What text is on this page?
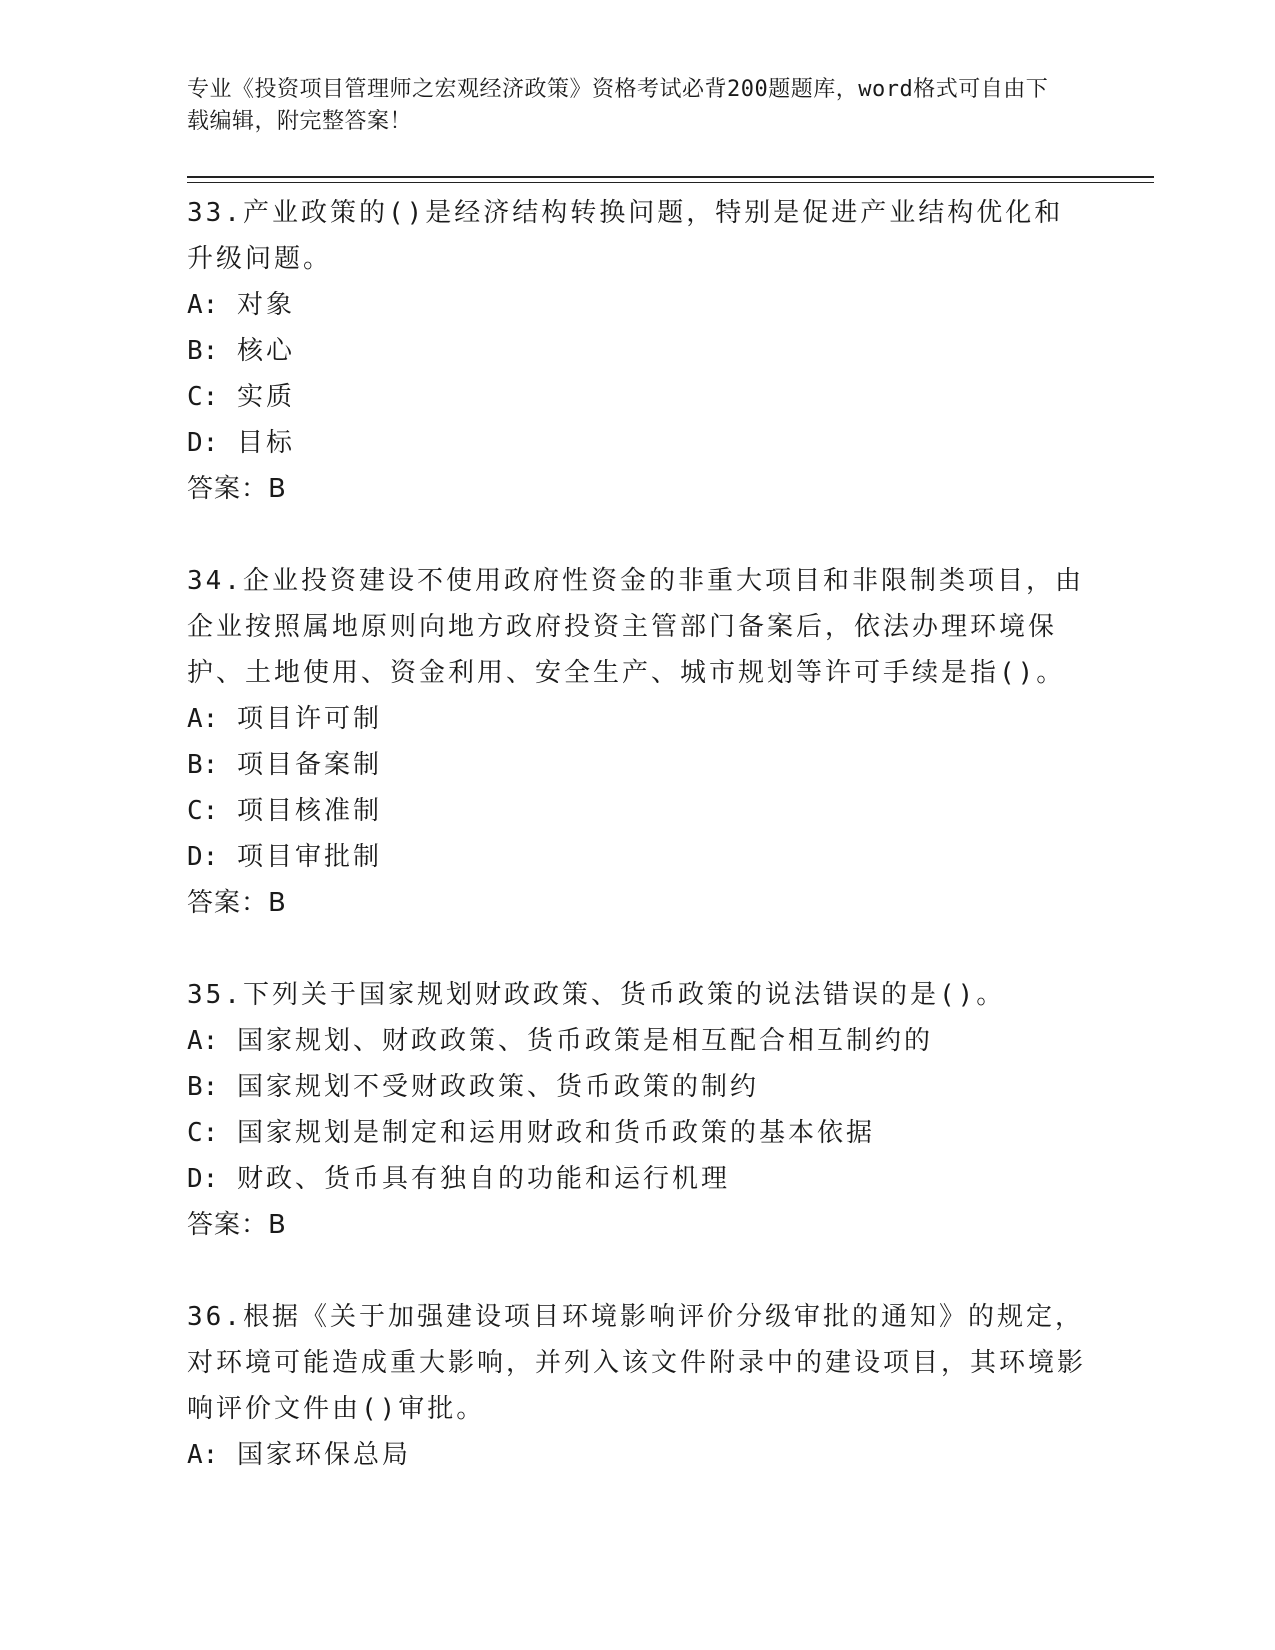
专业《投资项目管理师之宏观经济政策》资格考试必背200题题库，word格式可自由下载编辑，附完整答案！
33.产业政策的()是经济结构转换问题，特别是促进产业结构优化和升级问题。
A: 对象
B: 核心
C: 实质
D: 目标
答案：B
34.企业投资建设不使用政府性资金的非重大项目和非限制类项目，由企业按照属地原则向地方政府投资主管部门备案后，依法办理环境保护、土地使用、资金利用、安全生产、城市规划等许可手续是指()。
A: 项目许可制
B: 项目备案制
C: 项目核准制
D: 项目审批制
答案：B
35.下列关于国家规划财政政策、货币政策的说法错误的是()。
A: 国家规划、财政政策、货币政策是相互配合相互制约的
B: 国家规划不受财政政策、货币政策的制约
C: 国家规划是制定和运用财政和货币政策的基本依据
D: 财政、货币具有独自的功能和运行机理
答案：B
36.根据《关于加强建设项目环境影响评价分级审批的通知》的规定，对环境可能造成重大影响，并列入该文件附录中的建设项目，其环境影响评价文件由()审批。
A: 国家环保总局
